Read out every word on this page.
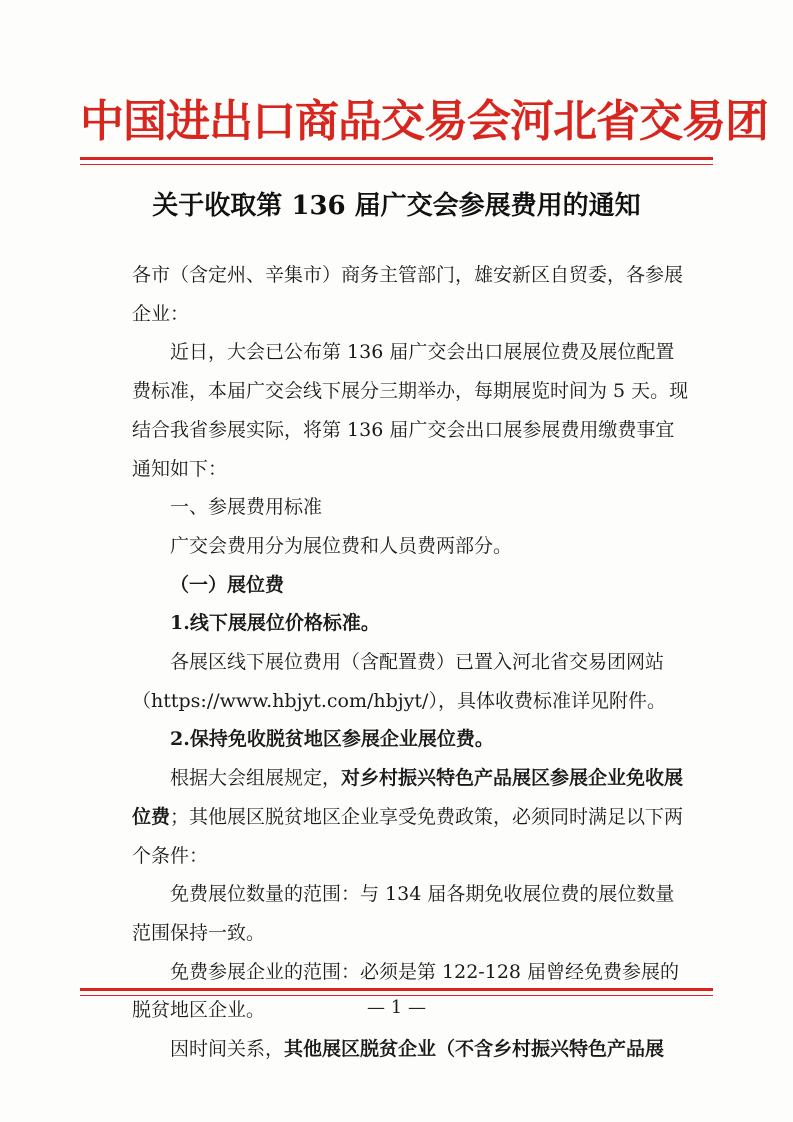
中国进出口商品交易会河北省交易团
关于收取第 136 届广交会参展费用的通知

各市（含定州、辛集市）商务主管部门，雄安新区自贸委，各参展企业：

近日，大会已公布第 136 届广交会出口展展位费及展位配置费标准，本届广交会线下展分三期举办，每期展览时间为 5 天。现结合我省参展实际，将第 136 届广交会出口展参展费用缴费事宜通知如下：

一、参展费用标准

广交会费用分为展位费和人员费两部分。

（一）展位费

1.线下展展位价格标准。

各展区线下展位费用（含配置费）已置入河北省交易团网站（https://www.hbjyt.com/hbjyt/），具体收费标准详见附件。

2.保持免收脱贫地区参展企业展位费。

根据大会组展规定，对乡村振兴特色产品展区参展企业免收展位费；其他展区脱贫地区企业享受免费政策，必须同时满足以下两个条件：

免费展位数量的范围：与 134 届各期免收展位费的展位数量范围保持一致。

免费参展企业的范围：必须是第 122-128 届曾经免费参展的脱贫地区企业。

因时间关系，其他展区脱贫企业（不含乡村振兴特色产品展

— 1 —
